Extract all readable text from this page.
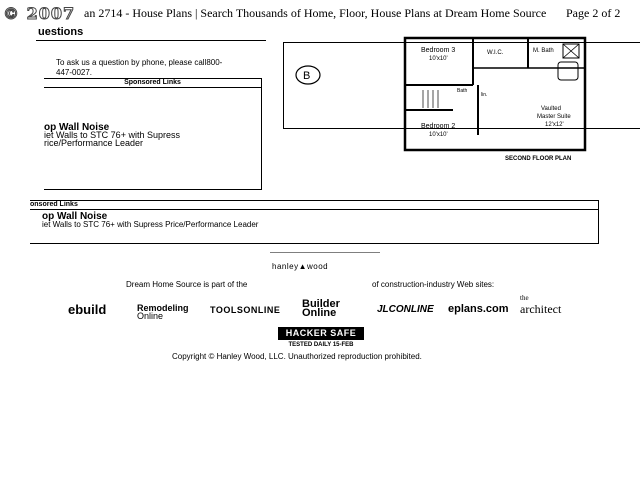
© 2007 an 2714 - House Plans | Search Thousands of Home, Floor, House Plans at Dream Home Source Page 2 of 2
uestions
To ask us a question by phone, please call800-
447-0027.
Sponsored Links
op Wall Noise
iet Walls to STC 76+ with Supress
rice/Performance Leader
B
Bedroom 3
10'x10'
W.I.C.	M. Bath
Vaulted
Master Suite
12'x12'
Bedroom 2
10'x10'
Bath
lin.
SECOND FLOOR PLAN
onsored Links
op Wall Noise
iet Walls to STC 76+ with Supress Price/Performance Leader
hanley▲wood
Dream Home Source is part of the	of construction-industry Web sites:
ebuild	Remodeling
Online
TOOLSONLINE Builder
Online	JLCONLINE eplans.com
the
architect
HACKER SAFE
TESTED DAILY 15-FEB
Copyright © Hanley Wood, LLC. Unauthorized reproduction prohibited.
